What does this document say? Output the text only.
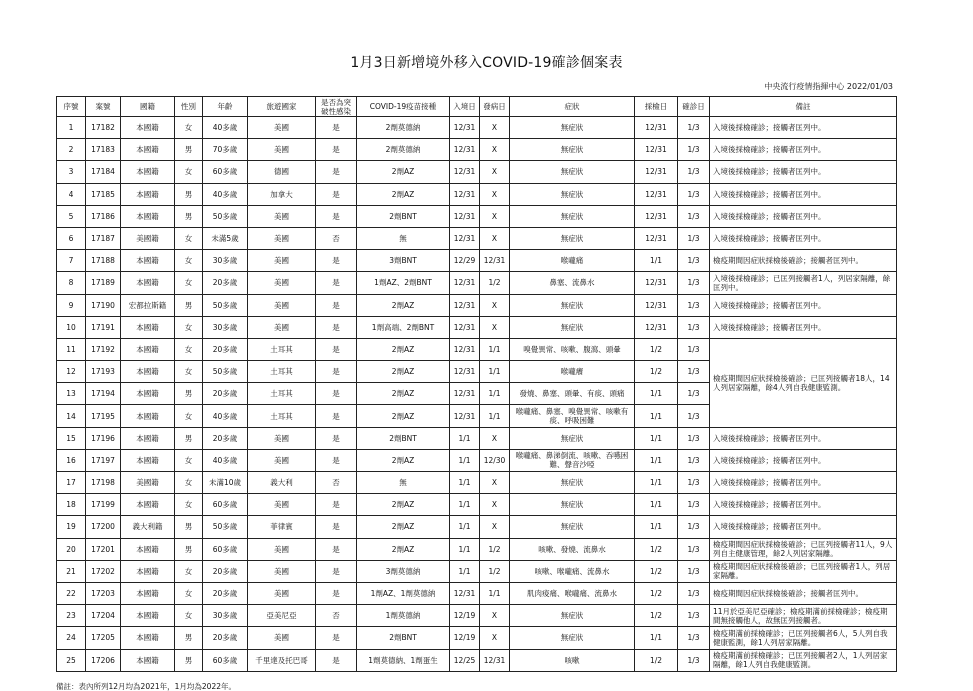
1月3日新增境外移入COVID-19確診個案表
中央流行疫情指揮中心 2022/01/03
序號	案號	國籍	性別	年齡	旅遊國家	是否為突破性感染	COVID-19疫苗接種	入境日	發病日	症狀	採檢日	確診日	備註
1	17182	本國籍	女	40多歲	美國	是	2劑莫德納	12/31	X	無症狀	12/31	1/3	入境後採檢確診；接觸者匡列中。
2	17183	本國籍	男	70多歲	美國	是	2劑莫德納	12/31	X	無症狀	12/31	1/3	入境後採檢確診；接觸者匡列中。
3	17184	本國籍	女	60多歲	德國	是	2劑AZ	12/31	X	無症狀	12/31	1/3	入境後採檢確診；接觸者匡列中。
4	17185	本國籍	男	40多歲	加拿大	是	2劑AZ	12/31	X	無症狀	12/31	1/3	入境後採檢確診；接觸者匡列中。
5	17186	本國籍	男	50多歲	美國	是	2劑BNT	12/31	X	無症狀	12/31	1/3	入境後採檢確診；接觸者匡列中。
6	17187	美國籍	女	未滿5歲	美國	否	無	12/31	X	無症狀	12/31	1/3	入境後採檢確診；接觸者匡列中。
7	17188	本國籍	女	30多歲	美國	是	3劑BNT	12/29	12/31	喉嚨痛	1/1	1/3	檢疫期間因症狀採檢後確診；接觸者匡列中。
8	17189	本國籍	女	20多歲	美國	是	1劑AZ、2劑BNT	12/31	1/2	鼻塞、流鼻水	12/31	1/3	入境後採檢確診；已匡列接觸者1人，列居家隔離，餘匡列中。
9	17190	宏都拉斯籍	男	50多歲	美國	是	2劑AZ	12/31	X	無症狀	12/31	1/3	入境後採檢確診；接觸者匡列中。
10	17191	本國籍	女	30多歲	美國	是	1劑高端、2劑BNT	12/31	X	無症狀	12/31	1/3	入境後採檢確診；接觸者匡列中。
11	17192	本國籍	女	20多歲	土耳其	是	2劑AZ	12/31	1/1	嗅覺異常、咳嗽、腹瀉、頭暈	1/2	1/3	檢疫期間因症狀採檢後確診；已匡列接觸者18人，14人列居家隔離，餘4人列自我健康監測。
12	17193	本國籍	女	50多歲	土耳其	是	2劑AZ	12/31	1/1	喉嚨癢	1/2	1/3	
13	17194	本國籍	男	20多歲	土耳其	是	2劑AZ	12/31	1/1	發燒、鼻塞、頭暈、有痰、頭痛	1/1	1/3	
14	17195	本國籍	女	40多歲	土耳其	是	2劑AZ	12/31	1/1	喉嚨痛、鼻塞、嗅覺異常、咳嗽有痰、呼吸困難	1/1	1/3	
15	17196	本國籍	男	20多歲	美國	是	2劑BNT	1/1	X	無症狀	1/1	1/3	入境後採檢確診；接觸者匡列中。
16	17197	本國籍	女	40多歲	美國	是	2劑AZ	1/1	12/30	喉嚨痛、鼻涕倒流、咳嗽、吞嚥困難、聲音沙啞	1/1	1/3	入境後採檢確診；接觸者匡列中。
17	17198	美國籍	女	未滿10歲	義大利	否	無	1/1	X	無症狀	1/1	1/3	入境後採檢確診；接觸者匡列中。
18	17199	本國籍	女	60多歲	美國	是	2劑AZ	1/1	X	無症狀	1/1	1/3	入境後採檢確診；接觸者匡列中。
19	17200	義大利籍	男	50多歲	菲律賓	是	2劑AZ	1/1	X	無症狀	1/1	1/3	入境後採檢確診；接觸者匡列中。
20	17201	本國籍	男	60多歲	美國	是	2劑AZ	1/1	1/2	咳嗽、發燒、流鼻水	1/2	1/3	檢疫期間因症狀採檢後確診；已匡列接觸者11人，9人列自主健康管理，餘2人列居家隔離。
21	17202	本國籍	女	20多歲	美國	是	3劑莫德納	1/1	1/2	咳嗽、喉嚨痛、流鼻水	1/2	1/3	檢疫期間因症狀採檢後確診；已匡列接觸者1人，列居家隔離。
22	17203	本國籍	女	20多歲	美國	是	1劑AZ、1劑莫德納	12/31	1/1	肌肉痠痛、喉嚨痛、流鼻水	1/2	1/3	檢疫期間因症狀採檢後確診；接觸者匡列中。
23	17204	本國籍	女	30多歲	亞美尼亞	否	1劑莫德納	12/19	X	無症狀	1/2	1/3	11月於亞美尼亞確診；檢疫期滿前採檢確診；檢疫期間無接觸他人，故無匡列接觸者。
24	17205	本國籍	男	20多歲	美國	是	2劑BNT	12/19	X	無症狀	1/1	1/3	檢疫期滿前採檢確診；已匡列接觸者6人，5人列自我健康監測，餘1人列居家隔離。
25	17206	本國籍	男	60多歲	千里達及托巴哥	是	1劑莫德納、1劑蛋生	12/25	12/31	咳嗽	1/2	1/3	檢疫期滿前採檢確診；已匡列接觸者2人，1人列居家隔離，餘1人列自我健康監測。
備註：表內所列12月均為2021年，1月均為2022年。
